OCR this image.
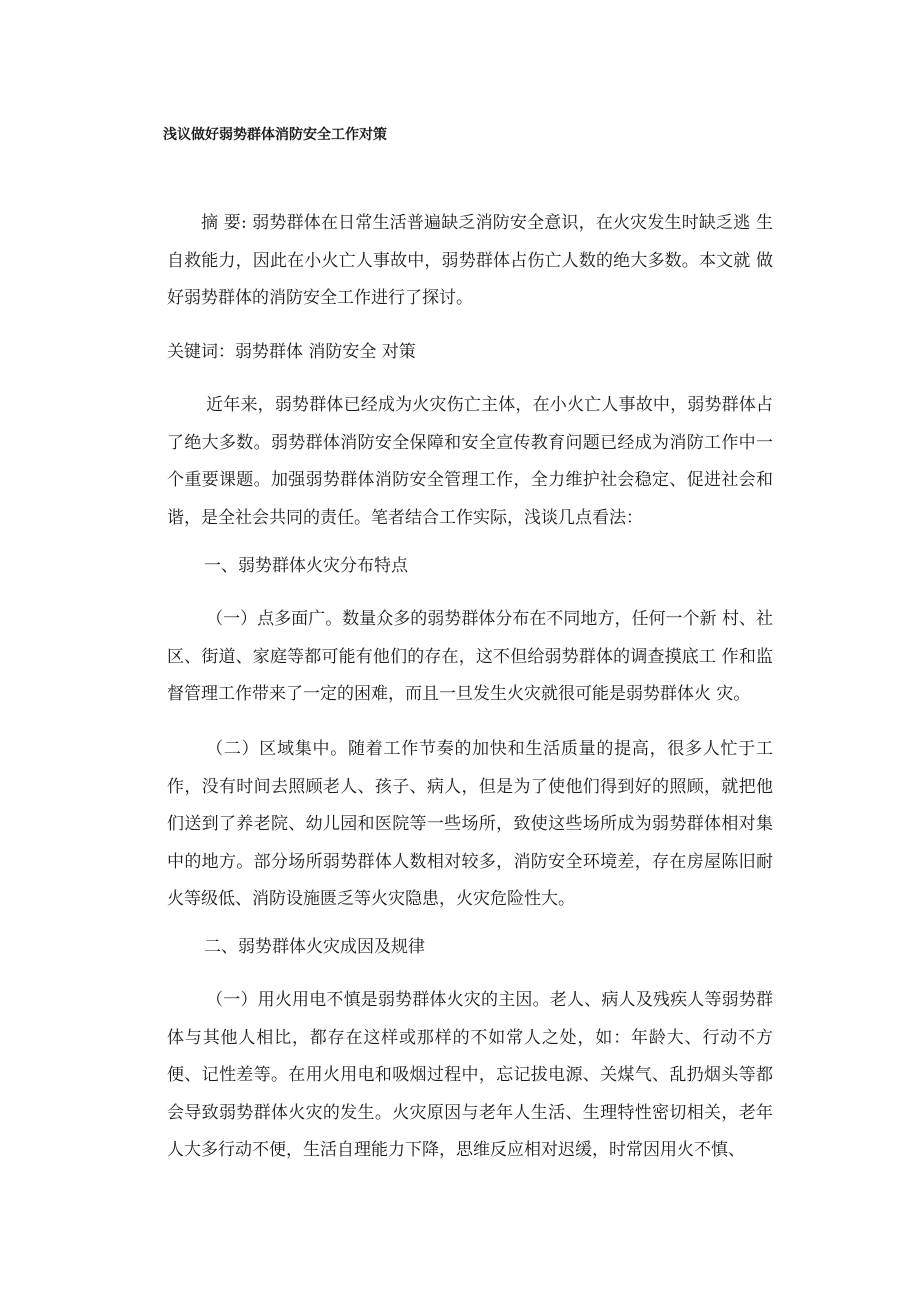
浅议做好弱势群体消防安全工作对策

摘 要: 弱势群体在日常生活普遍缺乏消防安全意识，在火灾发生时缺乏逃 生自救能力，因此在小火亡人事故中，弱势群体占伤亡人数的绝大多数。本文就 做好弱势群体的消防安全工作进行了探讨。

关键词：弱势群体 消防安全 对策

近年来，弱势群体已经成为火灾伤亡主体，在小火亡人事故中，弱势群体占了绝大多数。弱势群体消防安全保障和安全宣传教育问题已经成为消防工作中一个重要课题。加强弱势群体消防安全管理工作，全力维护社会稳定、促进社会和谐，是全社会共同的责任。笔者结合工作实际，浅谈几点看法：

一、弱势群体火灾分布特点

（一）点多面广。数量众多的弱势群体分布在不同地方，任何一个新 村、社区、街道、家庭等都可能有他们的存在，这不但给弱势群体的调查摸底工 作和监督管理工作带来了一定的困难，而且一旦发生火灾就很可能是弱势群体火 灾。

（二）区域集中。随着工作节奏的加快和生活质量的提高，很多人忙于工作，没有时间去照顾老人、孩子、病人，但是为了使他们得到好的照顾，就把他们送到了养老院、幼儿园和医院等一些场所，致使这些场所成为弱势群体相对集中的地方。部分场所弱势群体人数相对较多，消防安全环境差，存在房屋陈旧耐火等级低、消防设施匮乏等火灾隐患，火灾危险性大。

二、弱势群体火灾成因及规律

（一）用火用电不慎是弱势群体火灾的主因。老人、病人及残疾人等弱势群体与其他人相比，都存在这样或那样的不如常人之处，如：年龄大、行动不方便、记性差等。在用火用电和吸烟过程中，忘记拔电源、关煤气、乱扔烟头等都会导致弱势群体火灾的发生。火灾原因与老年人生活、生理特性密切相关，老年人大多行动不便，生活自理能力下降，思维反应相对迟缓，时常因用火不慎、
